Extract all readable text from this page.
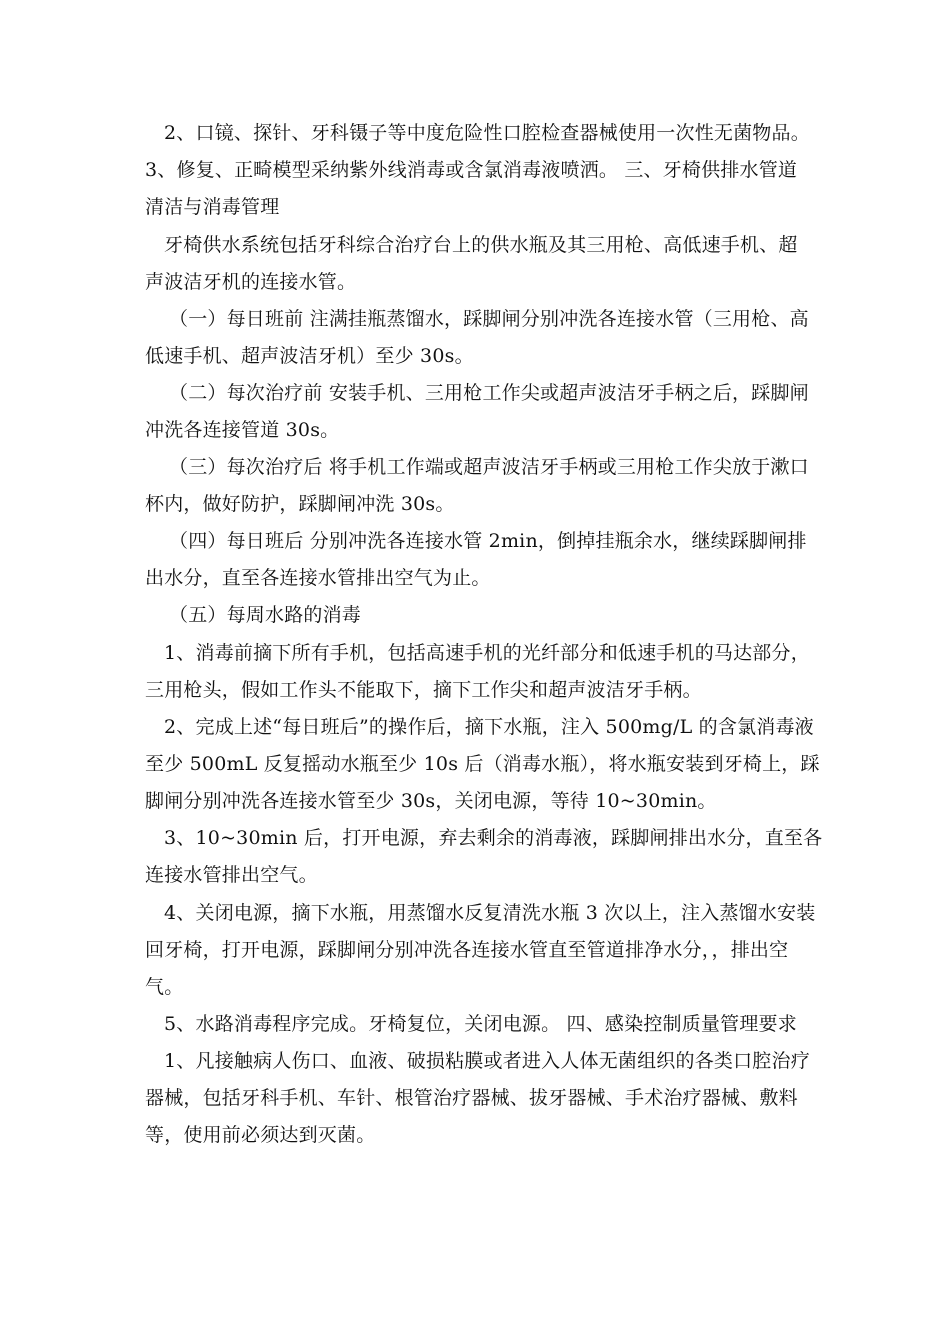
2、口镜、探针、牙科镊子等中度危险性口腔检查器械使用一次性无菌物品。
3、修复、正畸模型采纳紫外线消毒或含氯消毒液喷洒。 三、牙椅供排水管道
清洁与消毒管理
牙椅供水系统包括牙科综合治疗台上的供水瓶及其三用枪、高低速手机、超
声波洁牙机的连接水管。
（一）每日班前 注满挂瓶蒸馏水，踩脚闸分别冲洗各连接水管（三用枪、高
低速手机、超声波洁牙机）至少 30s。
（二）每次治疗前 安装手机、三用枪工作尖或超声波洁牙手柄之后，踩脚闸
冲洗各连接管道 30s。
（三）每次治疗后 将手机工作端或超声波洁牙手柄或三用枪工作尖放于漱口
杯内，做好防护，踩脚闸冲洗 30s。
（四）每日班后 分别冲洗各连接水管 2min，倒掉挂瓶余水，继续踩脚闸排
出水分，直至各连接水管排出空气为止。
（五）每周水路的消毒
1、消毒前摘下所有手机，包括高速手机的光纤部分和低速手机的马达部分，
三用枪头，假如工作头不能取下，摘下工作尖和超声波洁牙手柄。
2、完成上述“每日班后”的操作后，摘下水瓶，注入 500mg/L 的含氯消毒液
至少 500mL 反复摇动水瓶至少 10s 后（消毒水瓶），将水瓶安装到牙椅上，踩
脚闸分别冲洗各连接水管至少 30s，关闭电源，等待 10~30min。
3、10~30min 后，打开电源，弃去剩余的消毒液，踩脚闸排出水分，直至各
连接水管排出空气。
4、关闭电源，摘下水瓶，用蒸馏水反复清洗水瓶 3 次以上，注入蒸馏水安装
回牙椅，打开电源，踩脚闸分别冲洗各连接水管直至管道排净水分，，排出空
气。
5、水路消毒程序完成。牙椅复位，关闭电源。 四、感染控制质量管理要求
1、凡接触病人伤口、血液、破损粘膜或者进入人体无菌组织的各类口腔治疗
器械，包括牙科手机、车针、根管治疗器械、拔牙器械、手术治疗器械、敷料
等，使用前必须达到灭菌。
